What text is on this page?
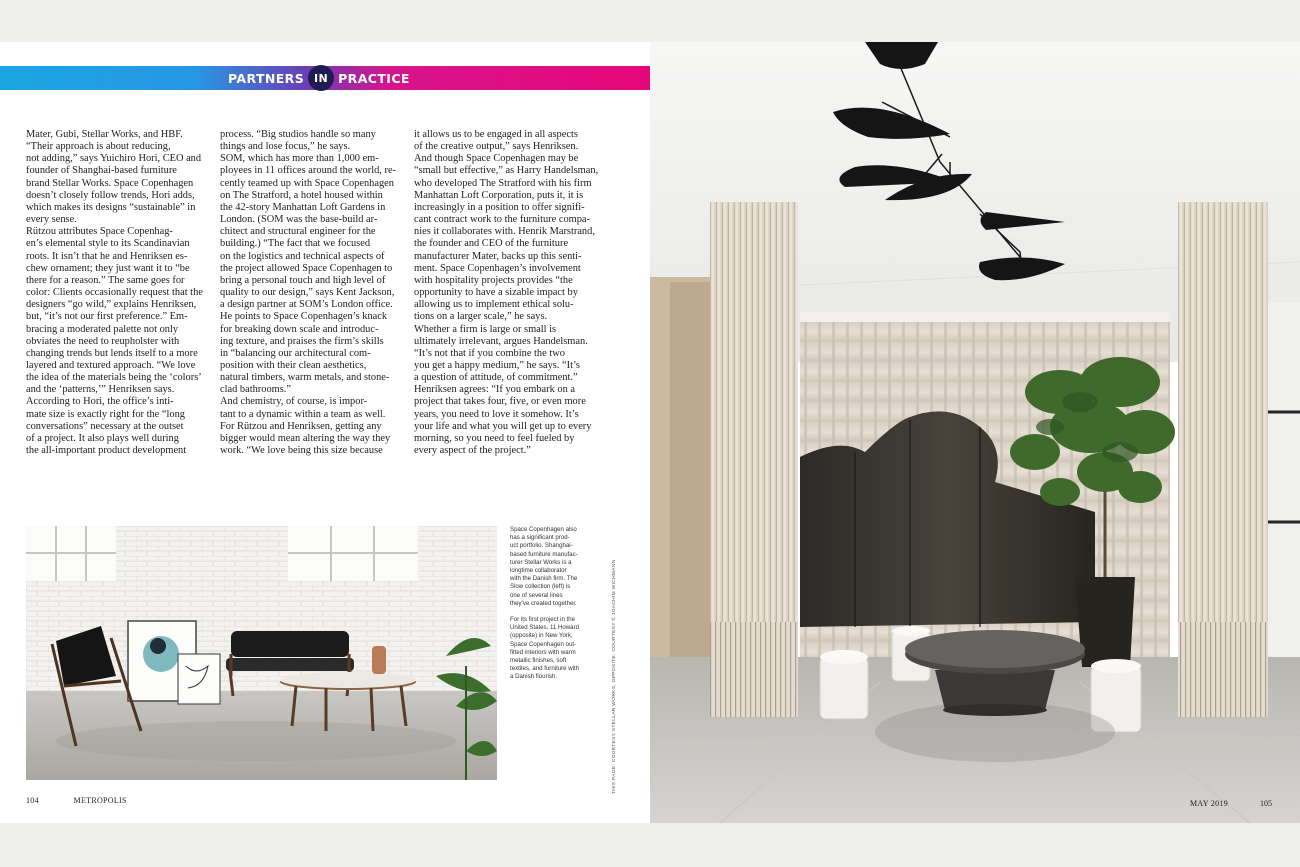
PARTNERS IN PRACTICE
Mater, Gubi, Stellar Works, and HBF.
“Their approach is about reducing,
not adding,” says Yuichiro Hori, CEO and
founder of Shanghai-based furniture
brand Stellar Works. Space Copenhagen
doesn’t closely follow trends, Hori adds,
which makes its designs “sustainable” in
every sense.
Rützou attributes Space Copenhag-
en’s elemental style to its Scandinavian
roots. It isn’t that he and Henriksen es-
chew ornament; they just want it to “be
there for a reason.” The same goes for
color: Clients occasionally request that the
designers “go wild,” explains Henriksen,
but, “it’s not our first preference.” Em-
bracing a moderated palette not only
obviates the need to reupholster with
changing trends but lends itself to a more
layered and textured approach. “We love
the idea of the materials being the ‘colors’
and the ‘patterns,’” Henriksen says.
According to Hori, the office’s inti-
mate size is exactly right for the “long
conversations” necessary at the outset
of a project. It also plays well during
the all-important product development
process. “Big studios handle so many
things and lose focus,” he says.
SOM, which has more than 1,000 em-
ployees in 11 offices around the world, re-
cently teamed up with Space Copenhagen
on The Stratford, a hotel housed within
the 42-story Manhattan Loft Gardens in
London. (SOM was the base-build ar-
chitect and structural engineer for the
building.) “The fact that we focused
on the logistics and technical aspects of
the project allowed Space Copenhagen to
bring a personal touch and high level of
quality to our design,” says Kent Jackson,
a design partner at SOM’s London office.
He points to Space Copenhagen’s knack
for breaking down scale and introduc-
ing texture, and praises the firm’s skills
in “balancing our architectural com-
position with their clean aesthetics,
natural timbers, warm metals, and stone-
clad bathrooms.”
And chemistry, of course, is impor-
tant to a dynamic within a team as well.
For Rützou and Henriksen, getting any
bigger would mean altering the way they
work. “We love being this size because
it allows us to be engaged in all aspects
of the creative output,” says Henriksen.
And though Space Copenhagen may be
“small but effective,” as Harry Handelsman,
who developed The Stratford with his firm
Manhattan Loft Corporation, puts it, it is
increasingly in a position to offer signifi-
cant contract work to the furniture compa-
nies it collaborates with. Henrik Marstrand,
the founder and CEO of the furniture
manufacturer Mater, backs up this senti-
ment. Space Copenhagen’s involvement
with hospitality projects provides “the
opportunity to have a sizable impact by
allowing us to implement ethical solu-
tions on a larger scale,” he says.
Whether a firm is large or small is
ultimately irrelevant, argues Handelsman.
“It’s not that if you combine the two
you get a happy medium,” he says. “It’s
a question of attitude, of commitment.”
Henriksen agrees: “If you embark on a
project that takes four, five, or even more
years, you need to love it somehow. It’s
your life and what you will get up to every
morning, so you need to feel fueled by
every aspect of the project.”

Space Copenhagen also
has a significant prod-
uct portfolio. Shanghai-
based furniture manufac-
turer Stellar Works is a
longtime collaborator
with the Danish firm. The
Slow collection (left) is
one of several lines
they’ve created together.

For its first project in the
United States, 11 Howard
(opposite) in New York,
Space Copenhagen out-
fitted interiors with warm
metallic finishes, soft
textiles, and furniture with
a Danish flourish.	THIS PAGE: COURTESY STELLAR WORKS; OPPOSITE: COURTESY © JOACHIM WICHMANN
104	METROPOLIS	MAY 2019	105
